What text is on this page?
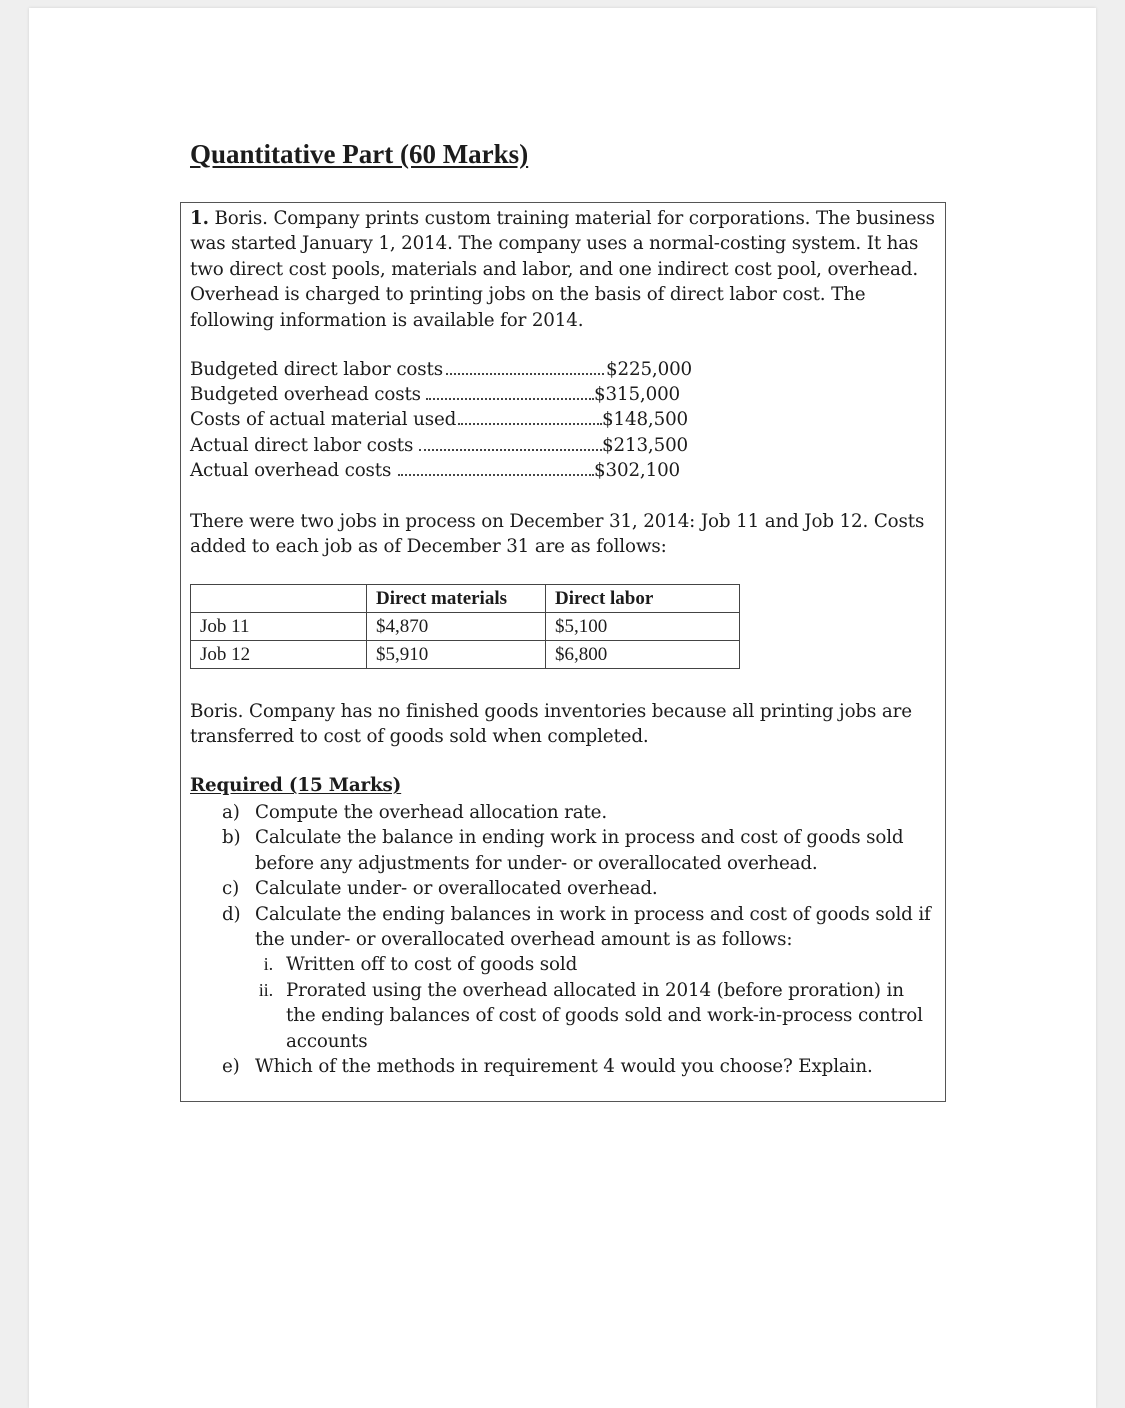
Quantitative Part (60 Marks)
1. Boris. Company prints custom training material for corporations. The business was started January 1, 2014. The company uses a normal-costing system. It has two direct cost pools, materials and labor, and one indirect cost pool, overhead. Overhead is charged to printing jobs on the basis of direct labor cost. The following information is available for 2014.
Budgeted direct labor costs	$225,000
Budgeted overhead costs	$315,000
Costs of actual material used	$148,500
Actual direct labor costs	$213,500
Actual overhead costs	$302,100
There were two jobs in process on December 31, 2014: Job 11 and Job 12. Costs added to each job as of December 31 are as follows:
	Direct materials	Direct labor
Job 11	$4,870	$5,100
Job 12	$5,910	$6,800
Boris. Company has no finished goods inventories because all printing jobs are transferred to cost of goods sold when completed.
Required (15 Marks)
a) Compute the overhead allocation rate.
b) Calculate the balance in ending work in process and cost of goods sold before any adjustments for under- or overallocated overhead.
c) Calculate under- or overallocated overhead.
d) Calculate the ending balances in work in process and cost of goods sold if the under- or overallocated overhead amount is as follows:
i. Written off to cost of goods sold
ii. Prorated using the overhead allocated in 2014 (before proration) in the ending balances of cost of goods sold and work-in-process control accounts
e) Which of the methods in requirement 4 would you choose? Explain.
